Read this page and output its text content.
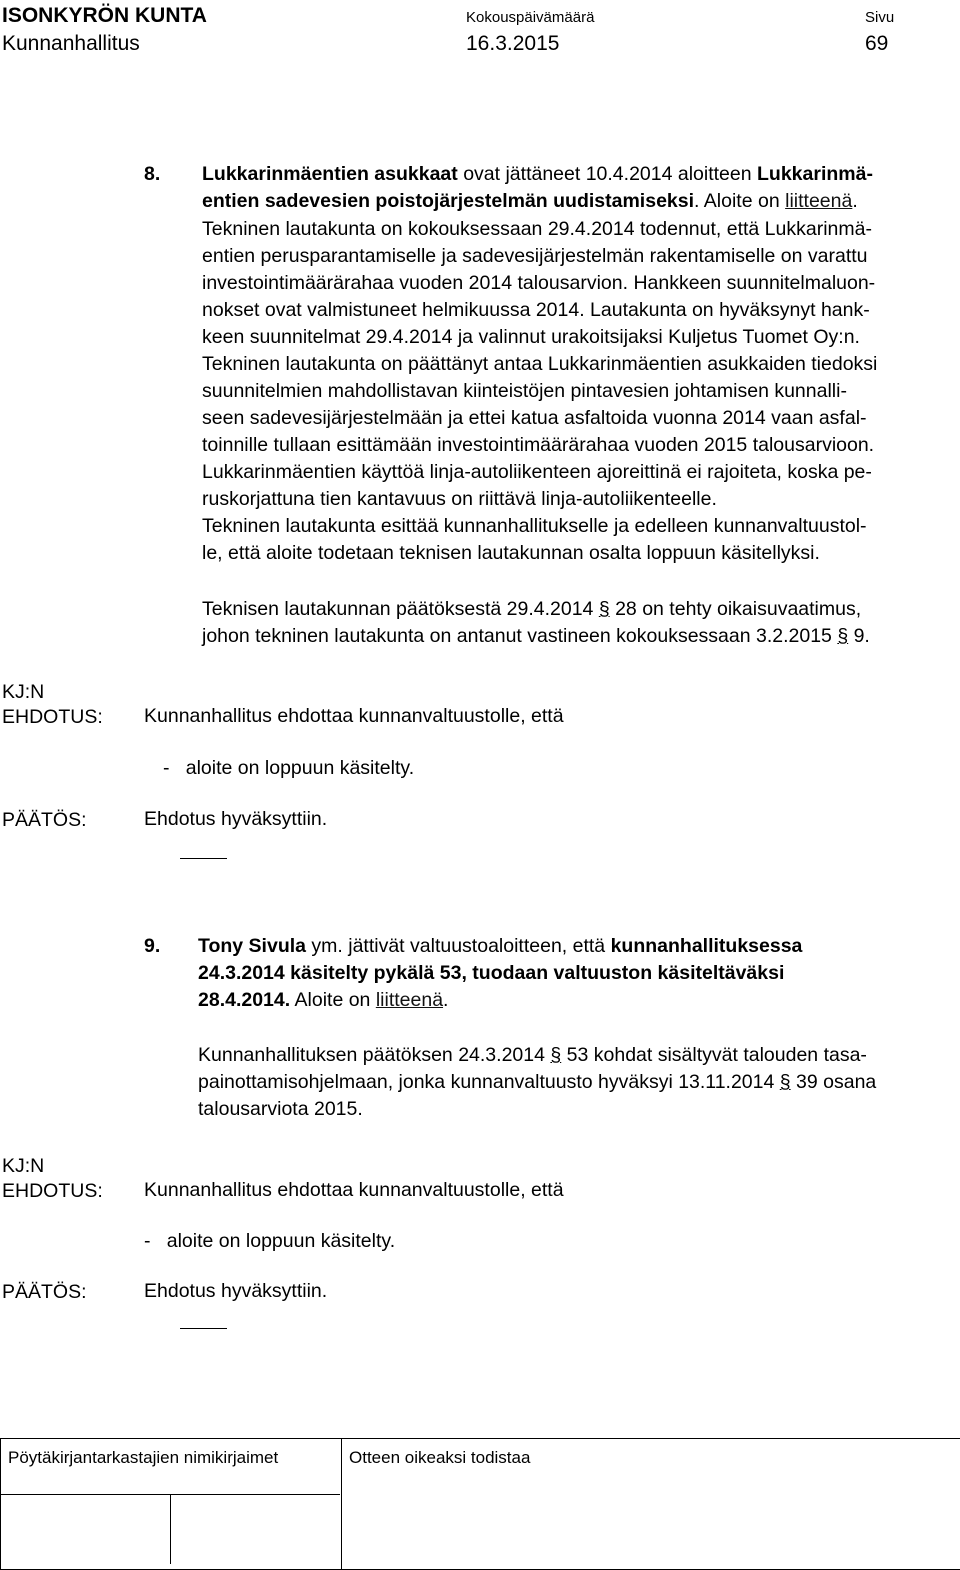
ISONKYRÖN KUNTA
Kunnanhallitus
Kokouspäivämäärä
16.3.2015
Sivu
69
8. Lukkarinmäentien asukkaat ovat jättäneet 10.4.2014 aloitteen Lukkarinmä-
entien sadevesien poistojärjestelmän uudistamiseksi. Aloite on liitteenä.
Tekninen lautakunta on kokouksessaan 29.4.2014 todennut, että Lukkarinmä-
entien perusparantamiselle ja sadevesijärjestelmän rakentamiselle on varattu
investointimäärärahaa vuoden 2014 talousarvion. Hankkeen suunnitelmaluon-
nokset ovat valmistuneet helmikuussa 2014. Lautakunta on hyväksynyt hank-
keen suunnitelmat 29.4.2014 ja valinnut urakoitsijaksi Kuljetus Tuomet Oy:n.
Tekninen lautakunta on päättänyt antaa Lukkarinmäentien asukkaiden tiedoksi
suunnitelmien mahdollistavan kiinteistöjen pintavesien johtamisen kunnalli-
seen sadevesijärjestelmään ja ettei katua asfaltoida vuonna 2014 vaan asfal-
toinnille tullaan esittämään investointimäärärahaa vuoden 2015 talousarvioon.
Lukkarinmäentien käyttöä linja-autoliikenteen ajoreittinä ei rajoiteta, koska pe-
ruskorjattuna tien kantavuus on riittävä linja-autoliikenteelle.
Tekninen lautakunta esittää kunnanhallitukselle ja edelleen kunnanvaltuustol-
le, että aloite todetaan teknisen lautakunnan osalta loppuun käsitellyksi.
Teknisen lautakunnan päätöksestä 29.4.2014 § 28 on tehty oikaisuvaatimus,
johon tekninen lautakunta on antanut vastineen kokouksessaan 3.2.2015 § 9.
KJ:N
EHDOTUS: Kunnanhallitus ehdottaa kunnanvaltuustolle, että
-   aloite on loppuun käsitelty.
PÄÄTÖS:	Ehdotus hyväksyttiin.
9. Tony Sivula ym. jättivät valtuustoaloitteen, että kunnanhallituksessa
24.3.2014 käsitelty pykälä 53, tuodaan valtuuston käsiteltäväksi
28.4.2014. Aloite on liitteenä.
Kunnanhallituksen päätöksen 24.3.2014 § 53 kohdat sisältyvät talouden tasa-
painottamisohjelmaan, jonka kunnanvaltuusto hyväksyi 13.11.2014 § 39 osana
talousarviota 2015.
KJ:N
EHDOTUS: Kunnanhallitus ehdottaa kunnanvaltuustolle, että
-   aloite on loppuun käsitelty.
PÄÄTÖS:	Ehdotus hyväksyttiin.
Pöytäkirjantarkastajien nimikirjaimet	Otteen oikeaksi todistaa
